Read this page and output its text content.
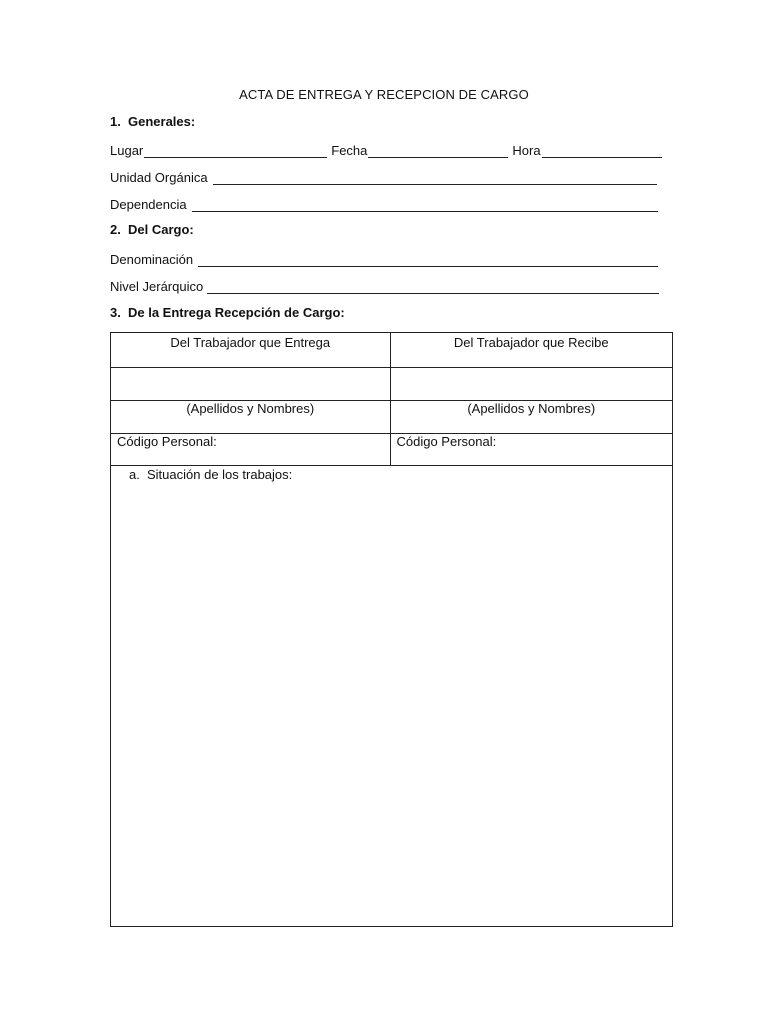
ACTA DE ENTREGA Y RECEPCION DE CARGO
1. Generales:
Lugar	Fecha	Hora
Unidad Orgánica
Dependencia
2. Del Cargo:
Denominación
Nivel Jerárquico
3. De la Entrega Recepción de Cargo:
Del Trabajador que Entrega	Del Trabajador que Recibe

(Apellidos y Nombres)	(Apellidos y Nombres)
Código Personal:	Código Personal:

a. Situación de los trabajos:	
